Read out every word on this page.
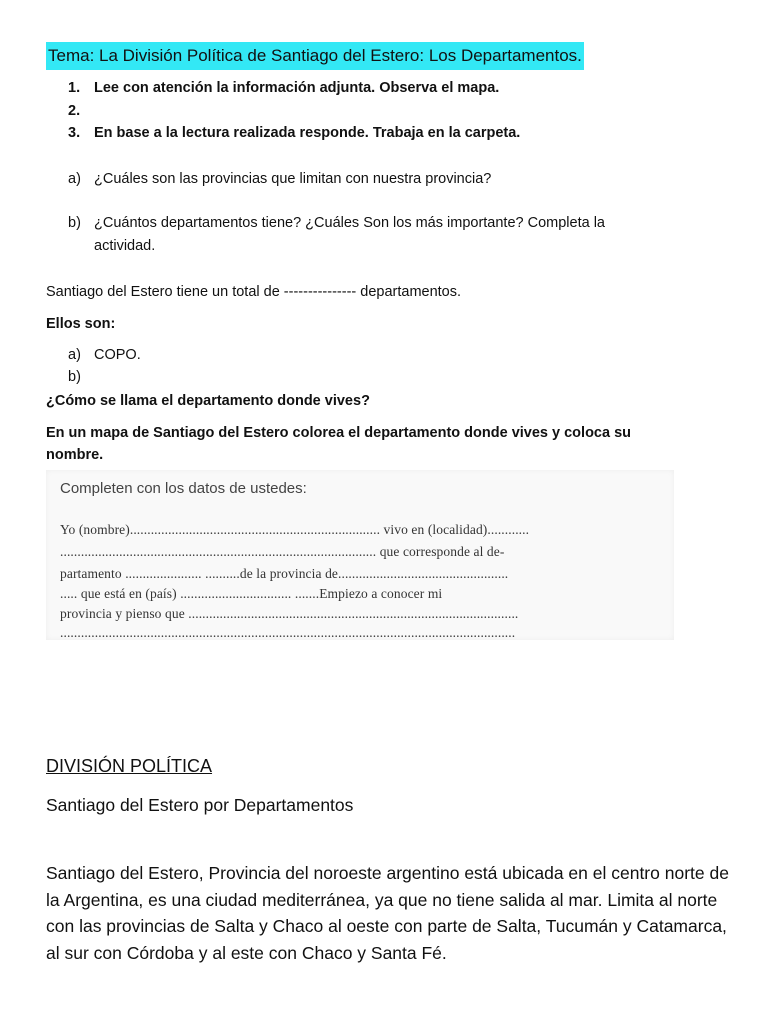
Tema: La División Política de Santiago del Estero: Los Departamentos.
1. Lee con atención la información adjunta. Observa el mapa.
2.
3. En base a la lectura realizada responde. Trabaja en la carpeta.
a) ¿Cuáles son las provincias que limitan con nuestra provincia?
b) ¿Cuántos departamentos tiene? ¿Cuáles Son los más importante? Completa la
actividad.
Santiago del Estero tiene un total de --------------- departamentos.
Ellos son:
a) COPO.
b)
¿Cómo se llama el departamento donde vives?
En un mapa de Santiago del Estero colorea el departamento donde vives y coloca su
nombre.
Completen con los datos de ustedes:
Yo (nombre)........................................................................ vivo en (localidad)............
........................................................................................... que corresponde al de-
partamento ...................... ..........de la provincia de.................................................
..... que está en (país) ................................ .......Empiezo a conocer mi
provincia y pienso que ...............................................................................................
...................................................................................................................................
DIVISIÓN POLÍTICA
Santiago del Estero por Departamentos
Santiago del Estero, Provincia del noroeste argentino está ubicada en el centro norte de la Argentina, es una ciudad mediterránea, ya que no tiene salida al mar. Limita al norte con las provincias de Salta y Chaco al oeste con parte de Salta, Tucumán y Catamarca, al sur con Córdoba y al este con Chaco y Santa Fé.
